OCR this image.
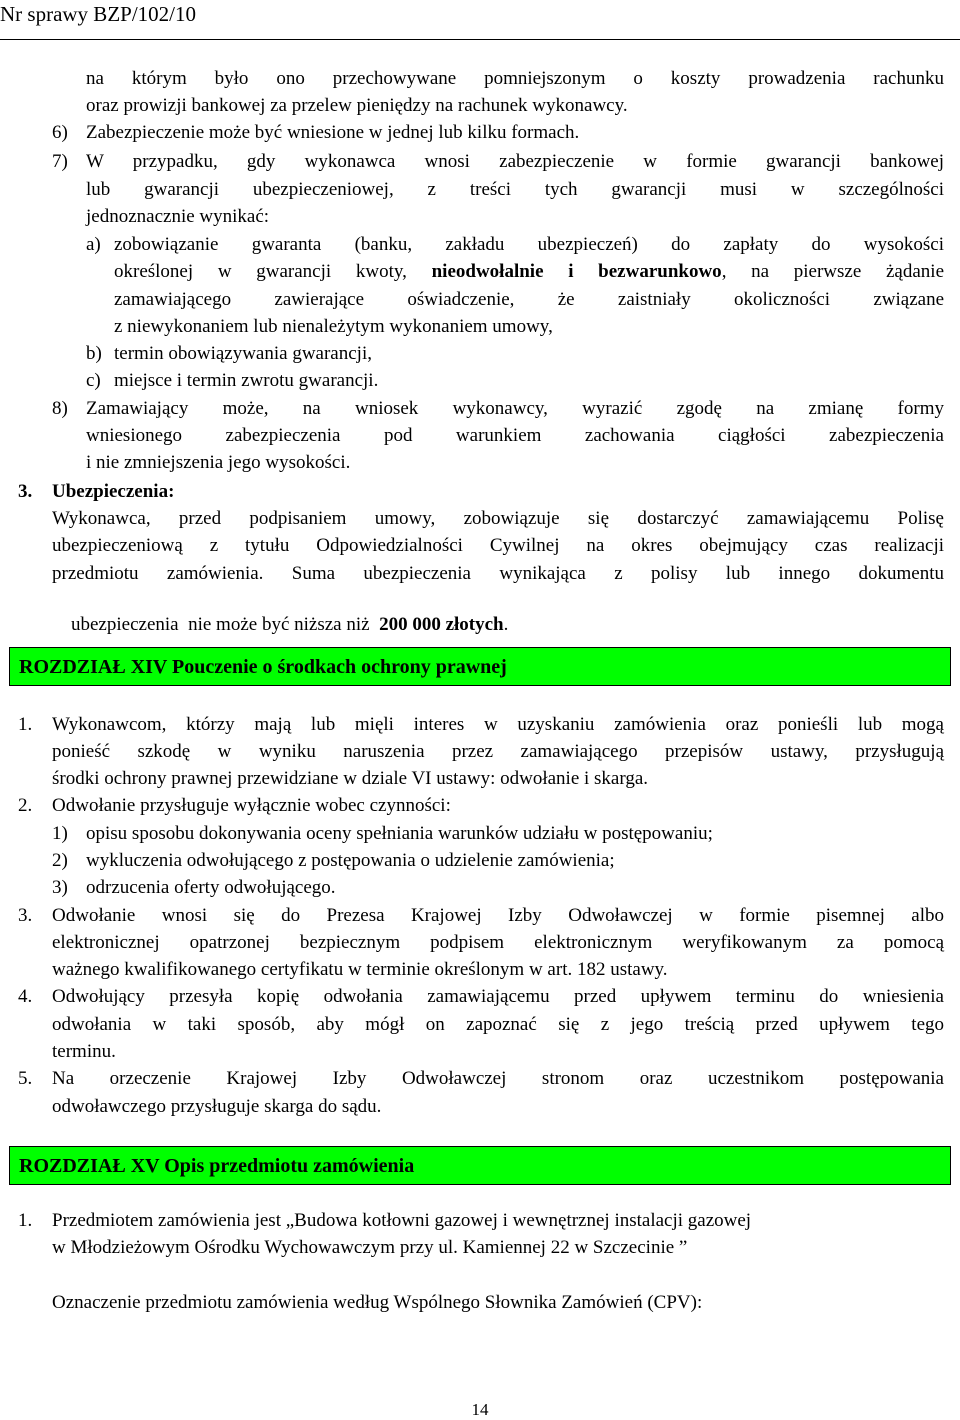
Nr sprawy BZP/102/10
na którym było ono przechowywane pomniejszonym o koszty prowadzenia rachunku
oraz prowizji bankowej za przelew pieniędzy na rachunek wykonawcy.
6) Zabezpieczenie może być wniesione w jednej lub kilku formach.
7) W przypadku, gdy wykonawca wnosi zabezpieczenie w formie gwarancji bankowej
lub gwarancji ubezpieczeniowej, z treści tych gwarancji musi w szczególności
jednoznacznie wynikać:
a) zobowiązanie gwaranta (banku, zakładu ubezpieczeń) do zapłaty do wysokości
określonej w gwarancji kwoty, nieodwołalnie i bezwarunkowo, na pierwsze żądanie
zamawiającego zawierające oświadczenie, że zaistniały okoliczności związane
z niewykonaniem lub nienależytym wykonaniem umowy,
b) termin obowiązywania gwarancji,
c) miejsce i termin zwrotu gwarancji.
8) Zamawiający może, na wniosek wykonawcy, wyrazić zgodę na zmianę formy
wniesionego zabezpieczenia pod warunkiem zachowania ciągłości zabezpieczenia
i nie zmniejszenia jego wysokości.
3. Ubezpieczenia:
Wykonawca, przed podpisaniem umowy, zobowiązuje się dostarczyć zamawiającemu Polisę
ubezpieczeniową z tytułu Odpowiedzialności Cywilnej na okres obejmujący czas realizacji
przedmiotu zamówienia. Suma ubezpieczenia wynikająca z polisy lub innego dokumentu

ubezpieczenia  nie może być niższa niż  200 000 złotych.

ROZDZIAŁ XIV Pouczenie o środkach ochrony prawnej
1. Wykonawcom, którzy mają lub mięli interes w uzyskaniu zamówienia oraz ponieśli lub mogą
ponieść szkodę w wyniku naruszenia przez zamawiającego przepisów ustawy, przysługują
środki ochrony prawnej przewidziane w dziale VI ustawy: odwołanie i skarga.
2. Odwołanie przysługuje wyłącznie wobec czynności:
1) opisu sposobu dokonywania oceny spełniania warunków udziału w postępowaniu;
2) wykluczenia odwołującego z postępowania o udzielenie zamówienia;
3) odrzucenia oferty odwołującego.
3. Odwołanie wnosi się do Prezesa Krajowej Izby Odwoławczej w formie pisemnej albo
elektronicznej opatrzonej bezpiecznym podpisem elektronicznym weryfikowanym za pomocą
ważnego kwalifikowanego certyfikatu w terminie określonym w art. 182 ustawy.
4. Odwołujący przesyła kopię odwołania zamawiającemu przed upływem terminu do wniesienia
odwołania w taki sposób, aby mógł on zapoznać się z jego treścią przed upływem tego
terminu.
5. Na orzeczenie Krajowej Izby Odwoławczej stronom oraz uczestnikom postępowania
odwoławczego przysługuje skarga do sądu.
ROZDZIAŁ XV Opis przedmiotu zamówienia
1. Przedmiotem zamówienia jest „Budowa kotłowni gazowej i wewnętrznej instalacji gazowej
w Młodzieżowym Ośrodku Wychowawczym przy ul. Kamiennej 22 w Szczecinie ”
Oznaczenie przedmiotu zamówienia według Wspólnego Słownika Zamówień (CPV):
14
